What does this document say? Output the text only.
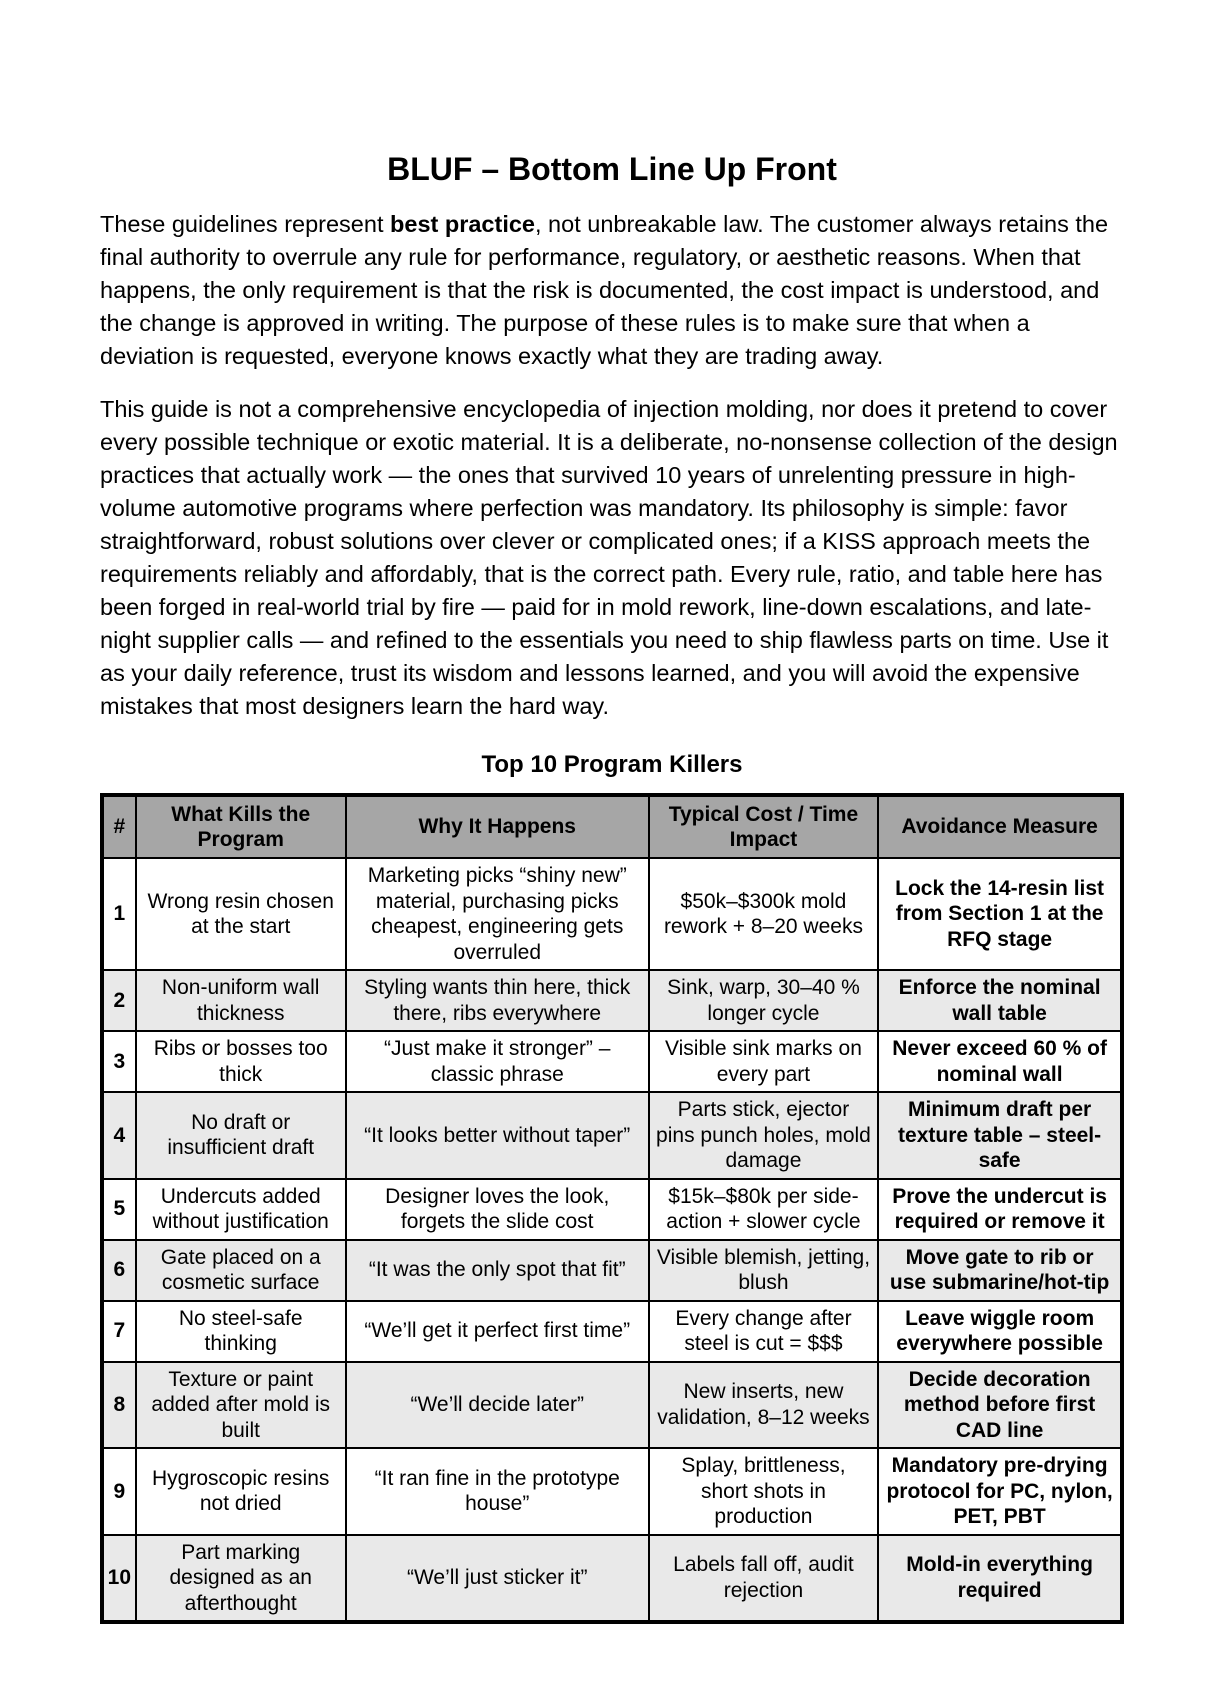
BLUF – Bottom Line Up Front

These guidelines represent best practice, not unbreakable law. The customer always retains the final authority to overrule any rule for performance, regulatory, or aesthetic reasons. When that happens, the only requirement is that the risk is documented, the cost impact is understood, and the change is approved in writing. The purpose of these rules is to make sure that when a deviation is requested, everyone knows exactly what they are trading away.

This guide is not a comprehensive encyclopedia of injection molding, nor does it pretend to cover every possible technique or exotic material. It is a deliberate, no-nonsense collection of the design practices that actually work — the ones that survived 10 years of unrelenting pressure in high-volume automotive programs where perfection was mandatory. Its philosophy is simple: favor straightforward, robust solutions over clever or complicated ones; if a KISS approach meets the requirements reliably and affordably, that is the correct path. Every rule, ratio, and table here has been forged in real-world trial by fire — paid for in mold rework, line-down escalations, and late-night supplier calls — and refined to the essentials you need to ship flawless parts on time. Use it as your daily reference, trust its wisdom and lessons learned, and you will avoid the expensive mistakes that most designers learn the hard way.

Top 10 Program Killers
#	What Kills the Program	Why It Happens	Typical Cost / Time Impact	Avoidance Measure
1	Wrong resin chosen at the start	Marketing picks “shiny new” material, purchasing picks cheapest, engineering gets overruled	$50k–$300k mold rework + 8–20 weeks	Lock the 14-resin list from Section 1 at the RFQ stage
2	Non-uniform wall thickness	Styling wants thin here, thick there, ribs everywhere	Sink, warp, 30–40 % longer cycle	Enforce the nominal wall table
3	Ribs or bosses too thick	“Just make it stronger” – classic phrase	Visible sink marks on every part	Never exceed 60 % of nominal wall
4	No draft or insufficient draft	“It looks better without taper”	Parts stick, ejector pins punch holes, mold damage	Minimum draft per texture table – steel-safe
5	Undercuts added without justification	Designer loves the look, forgets the slide cost	$15k–$80k per side-action + slower cycle	Prove the undercut is required or remove it
6	Gate placed on a cosmetic surface	“It was the only spot that fit”	Visible blemish, jetting, blush	Move gate to rib or use submarine/hot-tip
7	No steel-safe thinking	“We’ll get it perfect first time”	Every change after steel is cut = $$$	Leave wiggle room everywhere possible
8	Texture or paint added after mold is built	“We’ll decide later”	New inserts, new validation, 8–12 weeks	Decide decoration method before first CAD line
9	Hygroscopic resins not dried	“It ran fine in the prototype house”	Splay, brittleness, short shots in production	Mandatory pre-drying protocol for PC, nylon, PET, PBT
10	Part marking designed as an afterthought	“We’ll just sticker it”	Labels fall off, audit rejection	Mold-in everything required
